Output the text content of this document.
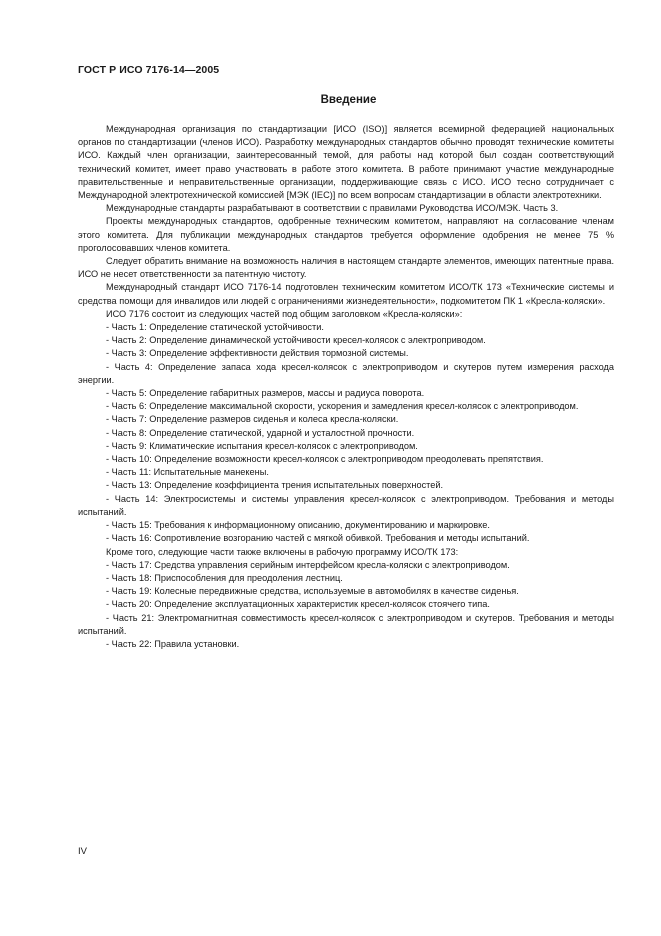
ГОСТ Р ИСО 7176-14—2005
Введение

Международная организация по стандартизации [ИСО (ISO)] является всемирной федерацией национальных органов по стандартизации (членов ИСО). Разработку международных стандартов обычно проводят технические комитеты ИСО. Каждый член организации, заинтересованный темой, для работы над которой был создан соответствующий технический комитет, имеет право участвовать в работе этого комитета. В работе принимают участие международные правительственные и неправительственные организации, поддерживающие связь с ИСО. ИСО тесно сотрудничает с Международной электротехнической комиссией [МЭК (IEC)] по всем вопросам стандартизации в области электротехники.

Международные стандарты разрабатывают в соответствии с правилами Руководства ИСО/МЭК. Часть 3.

Проекты международных стандартов, одобренные техническим комитетом, направляют на согласование членам этого комитета. Для публикации международных стандартов требуется оформление одобрения не менее 75 % проголосовавших членов комитета.

Следует обратить внимание на возможность наличия в настоящем стандарте элементов, имеющих патентные права. ИСО не несет ответственности за патентную чистоту.

Международный стандарт ИСО 7176-14 подготовлен техническим комитетом ИСО/ТК 173 «Технические системы и средства помощи для инвалидов или людей с ограничениями жизнедеятельности», подкомитетом ПК 1 «Кресла-коляски».

ИСО 7176 состоит из следующих частей под общим заголовком «Кресла-коляски»:

- Часть 1: Определение статической устойчивости.
- Часть 2: Определение динамической устойчивости кресел-колясок с электроприводом.
- Часть 3: Определение эффективности действия тормозной системы.
- Часть 4: Определение запаса хода кресел-колясок с электроприводом и скутеров путем измерения расхода энергии.
- Часть 5: Определение габаритных размеров, массы и радиуса поворота.
- Часть 6: Определение максимальной скорости, ускорения и замедления кресел-колясок с электроприводом.
- Часть 7: Определение размеров сиденья и колеса кресла-коляски.
- Часть 8: Определение статической, ударной и усталостной прочности.
- Часть 9: Климатические испытания кресел-колясок с электроприводом.
- Часть 10: Определение возможности кресел-колясок с электроприводом преодолевать препятствия.
- Часть 11: Испытательные манекены.
- Часть 13: Определение коэффициента трения испытательных поверхностей.
- Часть 14: Электросистемы и системы управления кресел-колясок с электроприводом. Требования и методы испытаний.
- Часть 15: Требования к информационному описанию, документированию и маркировке.
- Часть 16: Сопротивление возгоранию частей с мягкой обивкой. Требования и методы испытаний.

Кроме того, следующие части также включены в рабочую программу ИСО/ТК 173:

- Часть 17: Средства управления серийным интерфейсом кресла-коляски с электроприводом.
- Часть 18: Приспособления для преодоления лестниц.
- Часть 19: Колесные передвижные средства, используемые в автомобилях в качестве сиденья.
- Часть 20: Определение эксплуатационных характеристик кресел-колясок стоячего типа.
- Часть 21: Электромагнитная совместимость кресел-колясок с электроприводом и скутеров. Требования и методы испытаний.
- Часть 22: Правила установки.
IV
